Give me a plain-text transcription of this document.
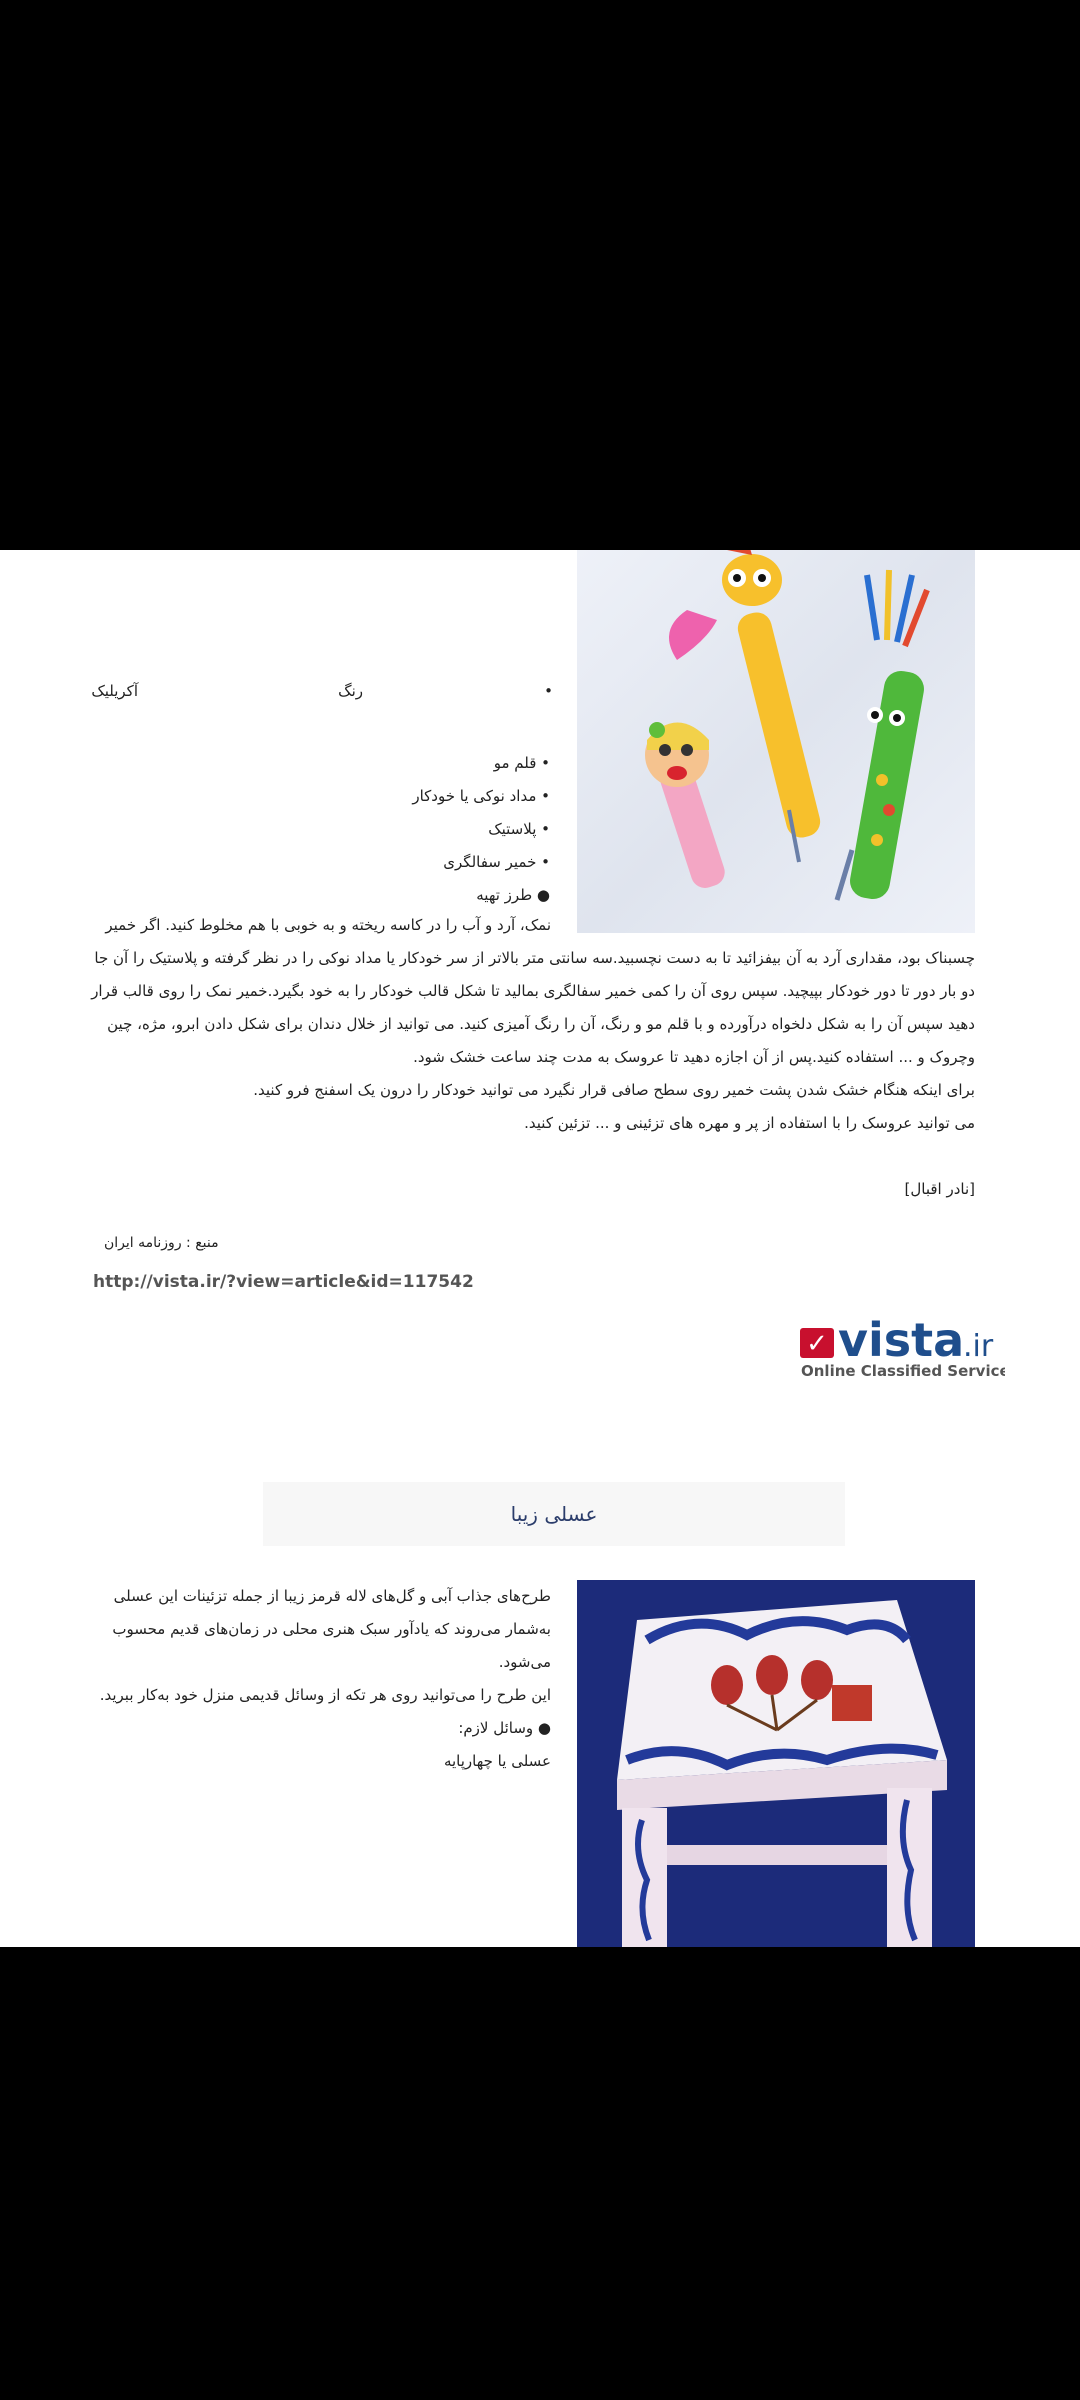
•
رنگ
آکریلیک
• قلم مو
• مداد نوکی یا خودکار
• پلاستیک
• خمیر سفالگری
● طرز تهیه
نمک، آرد و آب را در کاسه ریخته و به خوبی با هم مخلوط کنید. اگر خمیر
چسبناک بود، مقداری آرد به آن بیفزائید تا به دست نچسبید.سه سانتی متر بالاتر از سر خودکار یا مداد نوکی را در نظر گرفته و پلاستیک را آن جا
دو بار دور تا دور خودکار بپیچید. سپس روی آن را کمی خمیر سفالگری بمالید تا شکل قالب خودکار را به خود بگیرد.خمیر نمک را روی قالب قرار
دهید سپس آن را به شکل دلخواه درآورده و با قلم مو و رنگ، آن را رنگ آمیزی کنید. می توانید از خلال دندان برای شکل دادن ابرو، مژه، چین
وچروک و ... استفاده کنید.پس از آن اجازه دهید تا عروسک به مدت چند ساعت خشک شود.
برای اینکه هنگام خشک شدن پشت خمیر روی سطح صافی قرار نگیرد می توانید خودکار را درون یک اسفنج فرو کنید.
می توانید عروسک را با استفاده از پر و مهره های تزئینی و ... تزئین کنید.
[نادر اقبال]
منبع : روزنامه ایران
http://vista.ir/?view=article&id=117542
✓ vista
.ir
Online Classified Service
عسلی زیبا
طرح‌های جذاب آبی و گل‌های لاله قرمز زیبا از جمله تزئینات این عسلی به‌شمار می‌روند که یادآور سبک هنری محلی در زمان‌های قدیم محسوب می‌شود.
این طرح را می‌توانید روی هر تکه از وسائل قدیمی منزل خود به‌کار ببرید.
● وسائل لازم:
عسلی یا چهارپایه
